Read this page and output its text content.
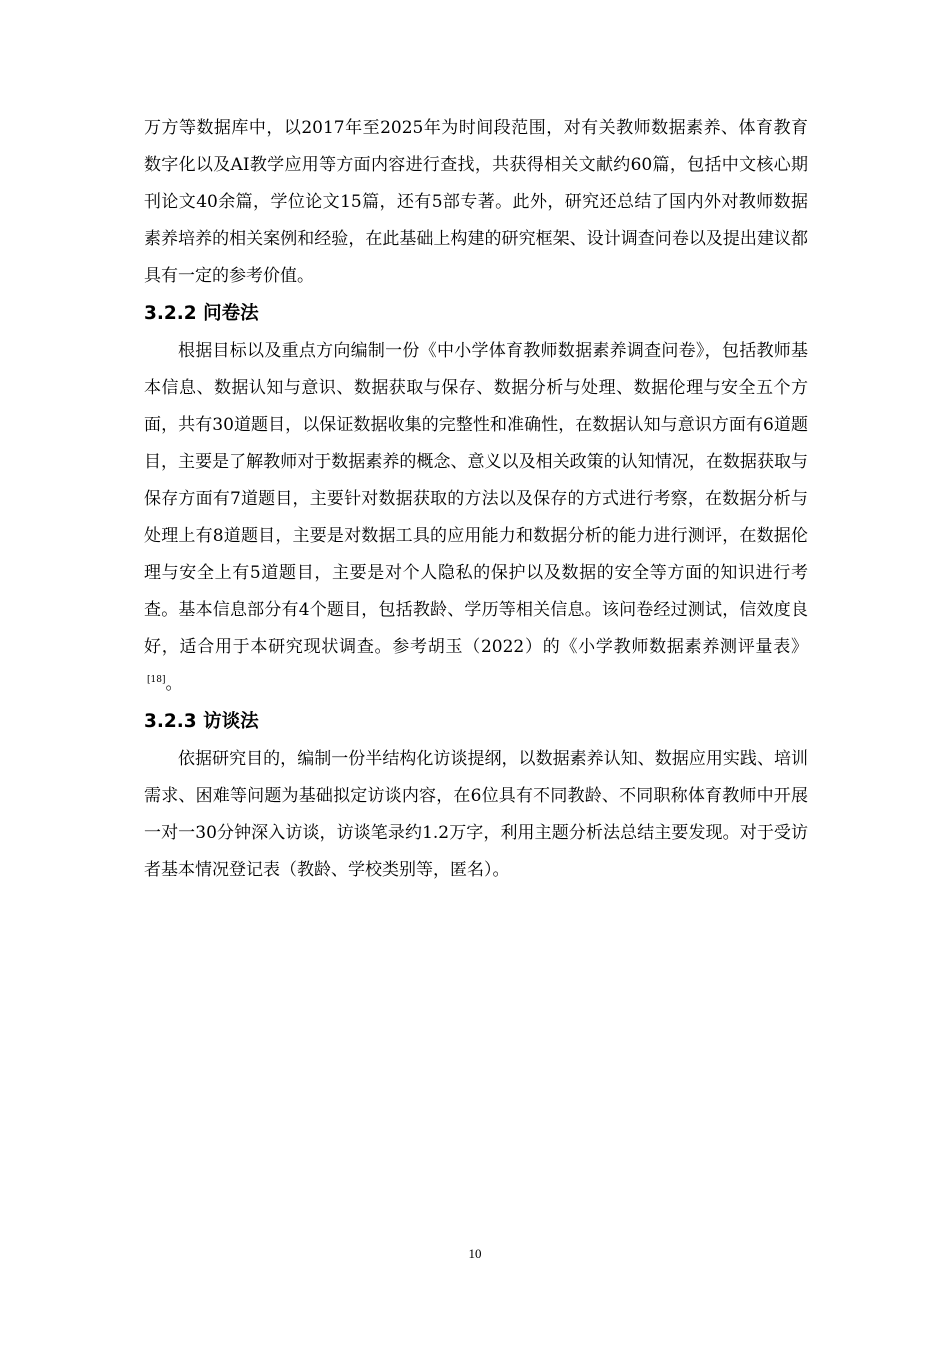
万方等数据库中，以2017年至2025年为时间段范围，对有关教师数据素养、体育教育数字化以及AI教学应用等方面内容进行查找，共获得相关文献约60篇，包括中文核心期刊论文40余篇，学位论文15篇，还有5部专著。此外，研究还总结了国内外对教师数据素养培养的相关案例和经验，在此基础上构建的研究框架、设计调查问卷以及提出建议都具有一定的参考价值。

3.2.2 问卷法

根据目标以及重点方向编制一份《中小学体育教师数据素养调查问卷》，包括教师基本信息、数据认知与意识、数据获取与保存、数据分析与处理、数据伦理与安全五个方面，共有30道题目，以保证数据收集的完整性和准确性，在数据认知与意识方面有6道题目，主要是了解教师对于数据素养的概念、意义以及相关政策的认知情况，在数据获取与保存方面有7道题目，主要针对数据获取的方法以及保存的方式进行考察，在数据分析与处理上有8道题目，主要是对数据工具的应用能力和数据分析的能力进行测评，在数据伦理与安全上有5道题目，主要是对个人隐私的保护以及数据的安全等方面的知识进行考查。基本信息部分有4个题目，包括教龄、学历等相关信息。该问卷经过测试，信效度良好，适合用于本研究现状调查。参考胡玉（2022）的《小学教师数据素养测评量表》[18]。

3.2.3 访谈法

依据研究目的，编制一份半结构化访谈提纲，以数据素养认知、数据应用实践、培训需求、困难等问题为基础拟定访谈内容，在6位具有不同教龄、不同职称体育教师中开展一对一30分钟深入访谈，访谈笔录约1.2万字，利用主题分析法总结主要发现。对于受访者基本情况登记表（教龄、学校类别等，匿名）。

10
